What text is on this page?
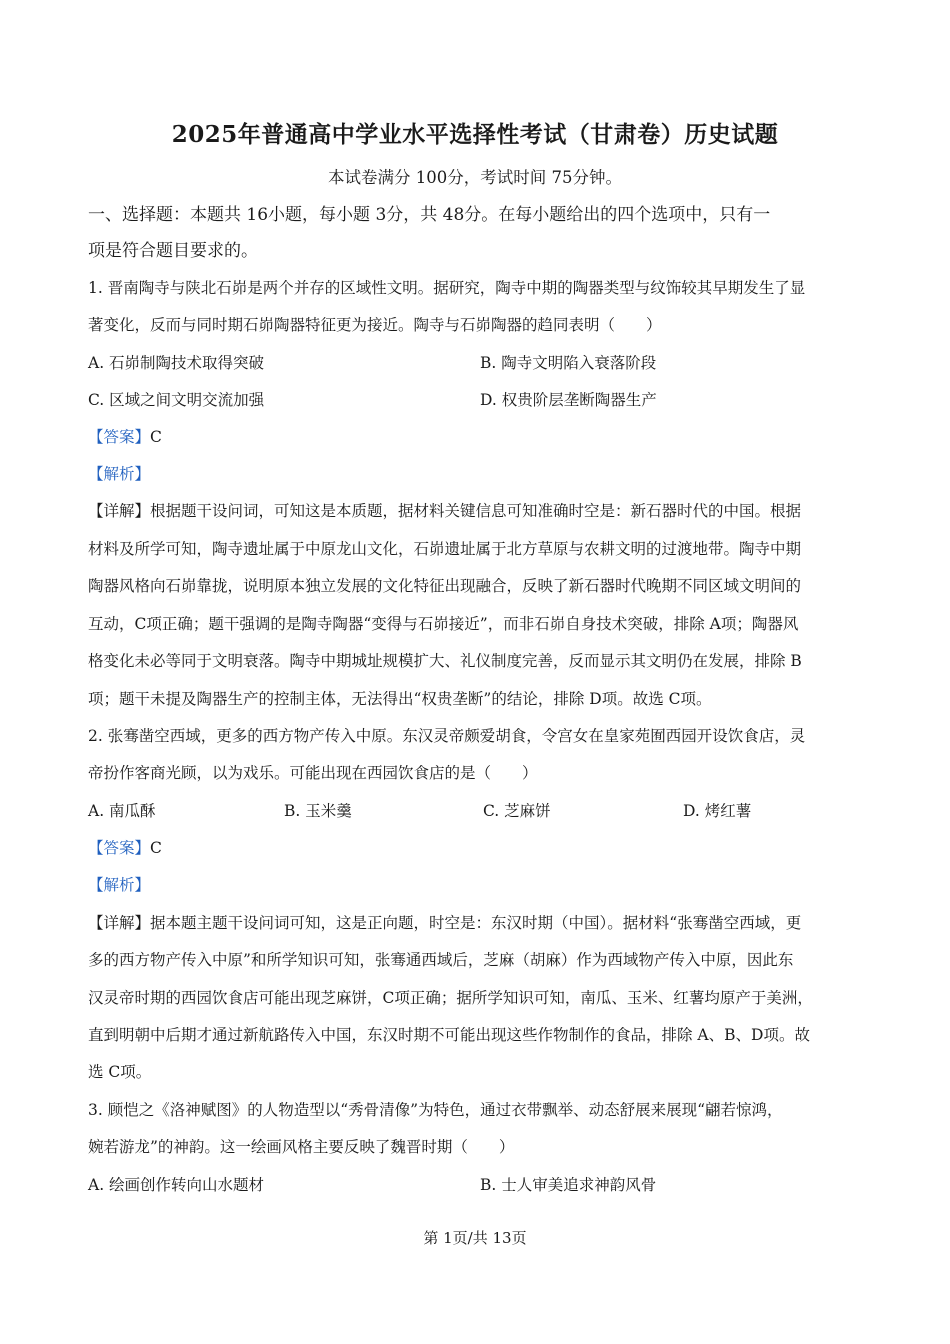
2025年普通高中学业水平选择性考试（甘肃卷）历史试题
本试卷满分 100分，考试时间 75分钟。
一、选择题：本题共 16小题，每小题 3分，共 48分。在每小题给出的四个选项中，只有一
项是符合题目要求的。
1. 晋南陶寺与陕北石峁是两个并存的区域性文明。据研究，陶寺中期的陶器类型与纹饰较其早期发生了显
著变化，反而与同时期石峁陶器特征更为接近。陶寺与石峁陶器的趋同表明（　　）
A. 石峁制陶技术取得突破	B. 陶寺文明陷入衰落阶段
C. 区域之间文明交流加强	D. 权贵阶层垄断陶器生产
【答案】C
【解析】
【详解】根据题干设问词，可知这是本质题，据材料关键信息可知准确时空是：新石器时代的中国。根据
材料及所学可知，陶寺遗址属于中原龙山文化，石峁遗址属于北方草原与农耕文明的过渡地带。陶寺中期
陶器风格向石峁靠拢，说明原本独立发展的文化特征出现融合，反映了新石器时代晚期不同区域文明间的
互动，C项正确；题干强调的是陶寺陶器“变得与石峁接近”，而非石峁自身技术突破，排除 A项；陶器风
格变化未必等同于文明衰落。陶寺中期城址规模扩大、礼仪制度完善，反而显示其文明仍在发展，排除 B
项；题干未提及陶器生产的控制主体，无法得出“权贵垄断”的结论，排除 D项。故选 C项。
2. 张骞凿空西域，更多的西方物产传入中原。东汉灵帝颇爱胡食，令宫女在皇家苑囿西园开设饮食店，灵
帝扮作客商光顾，以为戏乐。可能出现在西园饮食店的是（　　）
A. 南瓜酥	B. 玉米羹	C. 芝麻饼	D. 烤红薯
【答案】C
【解析】
【详解】据本题主题干设问词可知，这是正向题，时空是：东汉时期（中国）。据材料“张骞凿空西域，更
多的西方物产传入中原”和所学知识可知，张骞通西域后，芝麻（胡麻）作为西域物产传入中原，因此东
汉灵帝时期的西园饮食店可能出现芝麻饼，C项正确；据所学知识可知，南瓜、玉米、红薯均原产于美洲，
直到明朝中后期才通过新航路传入中国，东汉时期不可能出现这些作物制作的食品，排除 A、B、D项。故
选 C项。
3. 顾恺之《洛神赋图》的人物造型以“秀骨清像”为特色，通过衣带飘举、动态舒展来展现“翩若惊鸿，
婉若游龙”的神韵。这一绘画风格主要反映了魏晋时期（　　）
A. 绘画创作转向山水题材	B. 士人审美追求神韵风骨
第 1页/共 13页
